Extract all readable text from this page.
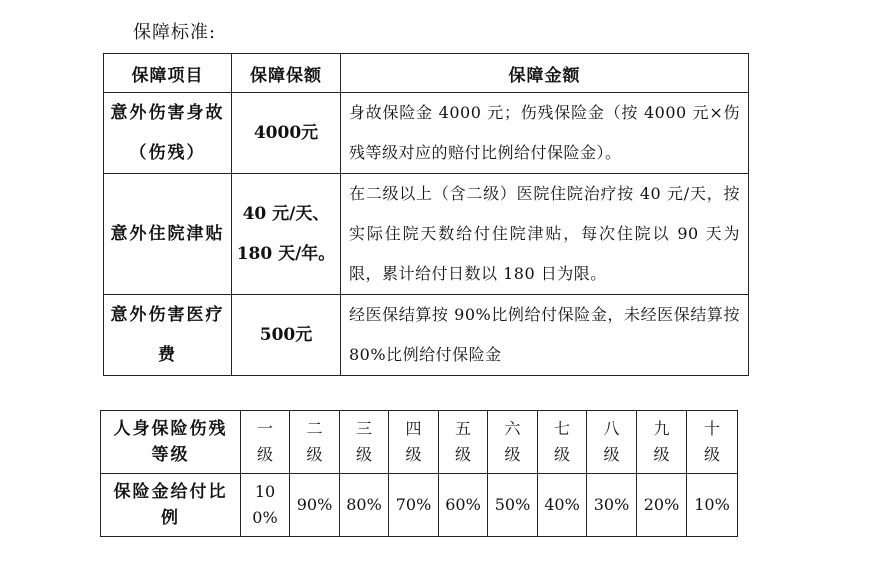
保障标准:
保障项目	保障保额	保障金额
意外伤害身故（伤残）	4000元	身故保险金 4000 元；伤残保险金（按 4000 元×伤残等级对应的赔付比例给付保险金）。
意外住院津贴	40 元/天、180 天/年。	在二级以上（含二级）医院住院治疗按 40 元/天，按实际住院天数给付住院津贴，每次住院以 90 天为限，累计给付日数以 180 日为限。
意外伤害医疗费	500元	经医保结算按 90%比例给付保险金，未经医保结算按 80%比例给付保险金
人身保险伤残等级	一级	二级	三级	四级	五级	六级	七级	八级	九级	十级
保险金给付比例	100%	90%	80%	70%	60%	50%	40%	30%	20%	10%
